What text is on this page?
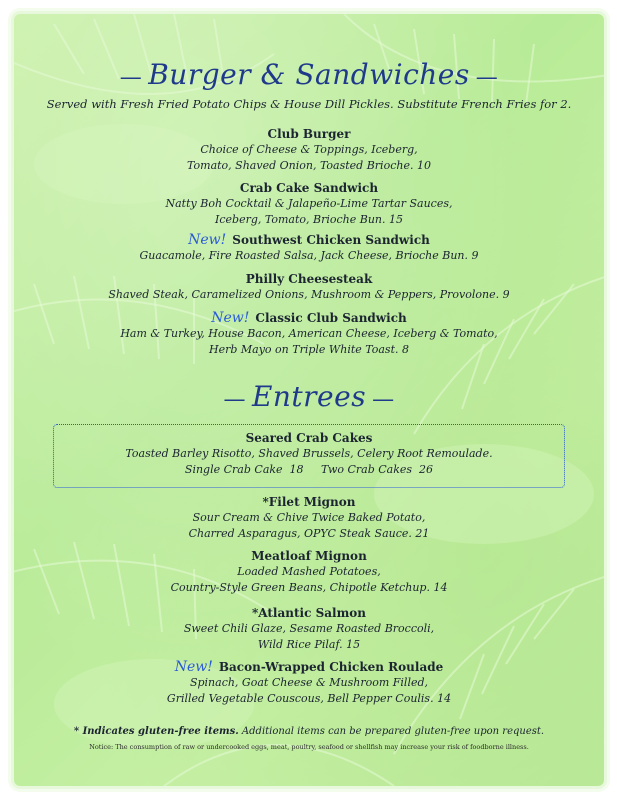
— Burger & Sandwiches —
Served with Fresh Fried Potato Chips & House Dill Pickles. Substitute French Fries for 2.
Club Burger
Choice of Cheese & Toppings, Iceberg,
Tomato, Shaved Onion, Toasted Brioche. 10
Crab Cake Sandwich
Natty Boh Cocktail & Jalapeño-Lime Tartar Sauces,
Iceberg, Tomato, Brioche Bun. 15
New! Southwest Chicken Sandwich
Guacamole, Fire Roasted Salsa, Jack Cheese, Brioche Bun. 9
Philly Cheesesteak
Shaved Steak, Caramelized Onions, Mushroom & Peppers, Provolone. 9
New! Classic Club Sandwich
Ham & Turkey, House Bacon, American Cheese, Iceberg & Tomato,
Herb Mayo on Triple White Toast. 8
— Entrees —
Seared Crab Cakes
Toasted Barley Risotto, Shaved Brussels, Celery Root Remoulade.
Single Crab Cake  18     Two Crab Cakes  26
*Filet Mignon
Sour Cream & Chive Twice Baked Potato,
Charred Asparagus, OPYC Steak Sauce. 21
Meatloaf Mignon
Loaded Mashed Potatoes,
Country-Style Green Beans, Chipotle Ketchup. 14
*Atlantic Salmon
Sweet Chili Glaze, Sesame Roasted Broccoli,
Wild Rice Pilaf. 15
New! Bacon-Wrapped Chicken Roulade
Spinach, Goat Cheese & Mushroom Filled,
Grilled Vegetable Couscous, Bell Pepper Coulis. 14
* Indicates gluten-free items. Additional items can be prepared gluten-free upon request.
Notice: The consumption of raw or undercooked eggs, meat, poultry, seafood or shellfish may increase your risk of foodborne illness.
